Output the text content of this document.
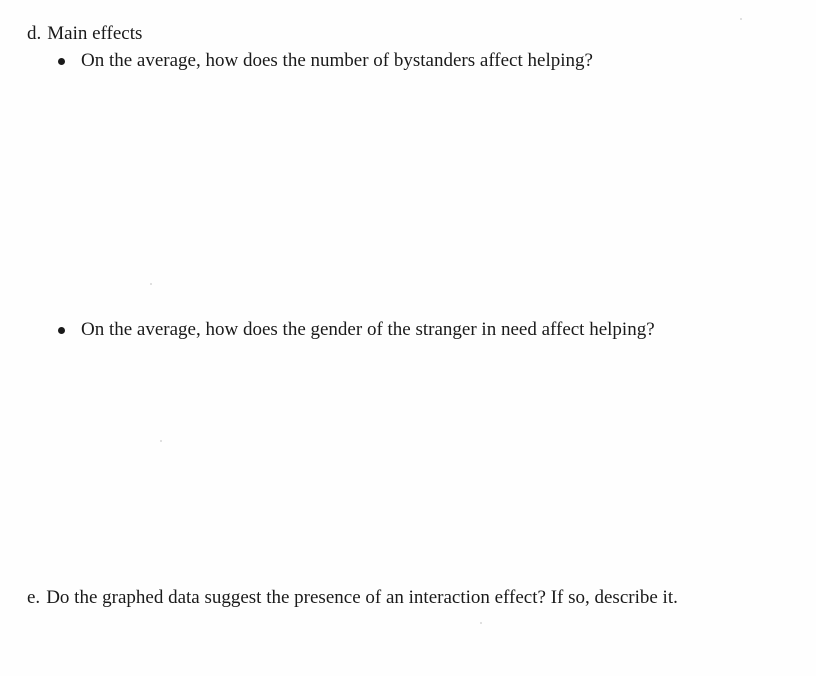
d. Main effects
On the average, how does the number of bystanders affect helping?
On the average, how does the gender of the stranger in need affect helping?
e. Do the graphed data suggest the presence of an interaction effect? If so, describe it.
